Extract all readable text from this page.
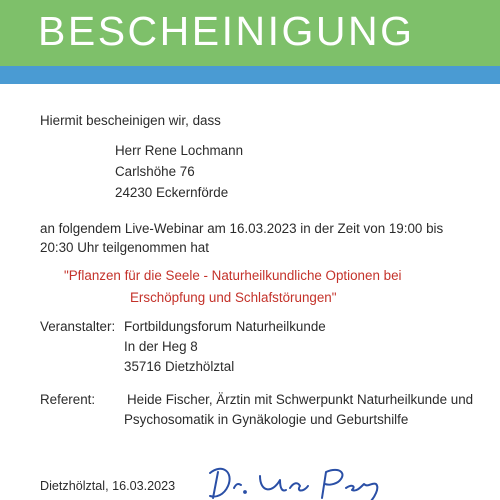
BESCHEINIGUNG
Hiermit bescheinigen wir, dass
Herr Rene Lochmann
Carlshöhe 76
24230 Eckernförde
an folgendem Live-Webinar am 16.03.2023 in der Zeit von 19:00 bis
20:30 Uhr teilgenommen hat
"Pflanzen für die Seele - Naturheilkundliche Optionen bei
Erschöpfung und Schlafstörungen"
Veranstalter: Fortbildungsforum Naturheilkunde
In der Heg 8
35716 Dietzhölztal
Referent: Heide Fischer, Ärztin mit Schwerpunkt Naturheilkunde und
Psychosomatik in Gynäkologie und Geburtshilfe
Dietzhölztal, 16.03.2023
